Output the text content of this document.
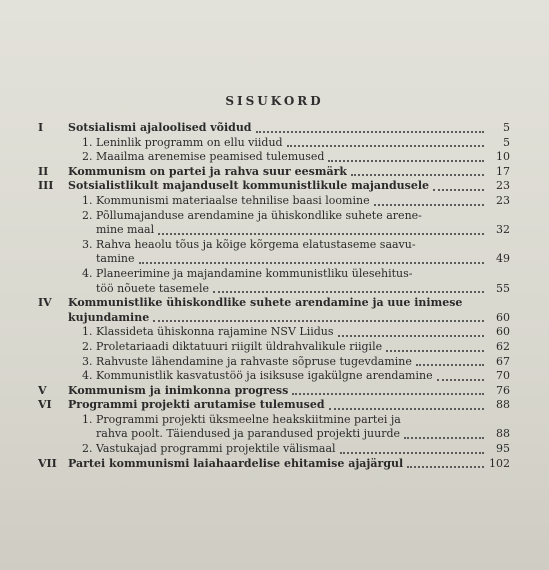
SISUKORD
I	Sotsialismi ajaloolised võidud	5
1. Leninlik programm on ellu viidud	5
2. Maailma arenemise peamised tulemused	10
II	Kommunism on partei ja rahva suur eesmärk	17
III	Sotsialistlikult majanduselt kommunistlikule majandusele	23
1. Kommunismi materiaalse tehnilise baasi loomine	23
2. Põllumajanduse arendamine ja ühiskondlike suhete arene-
mine maal	32
3. Rahva heaolu tõus ja kõige kõrgema elatustaseme saavu-
tamine	49
4. Planeerimine ja majandamine kommunistliku ülesehitus-
töö nõuete tasemele	55
IV	Kommunistlike ühiskondlike suhete arendamine ja uue inimese
kujundamine	60
1. Klassideta ühiskonna rajamine NSV Liidus	60
2. Proletariaadi diktatuuri riigilt üldrahvalikule riigile	62
3. Rahvuste lähendamine ja rahvaste sõpruse tugevdamine	67
4. Kommunistlik kasvatustöö ja isiksuse igakülgne arendamine	70
V	Kommunism ja inimkonna progress	76
VI	Programmi projekti arutamise tulemused	88
1. Programmi projekti üksmeelne heakskiitmine partei ja
rahva poolt. Täiendused ja parandused projekti juurde	88
2. Vastukajad programmi projektile välismaal	95
VII	Partei kommunismi laiahaardelise ehitamise ajajärgul	102
